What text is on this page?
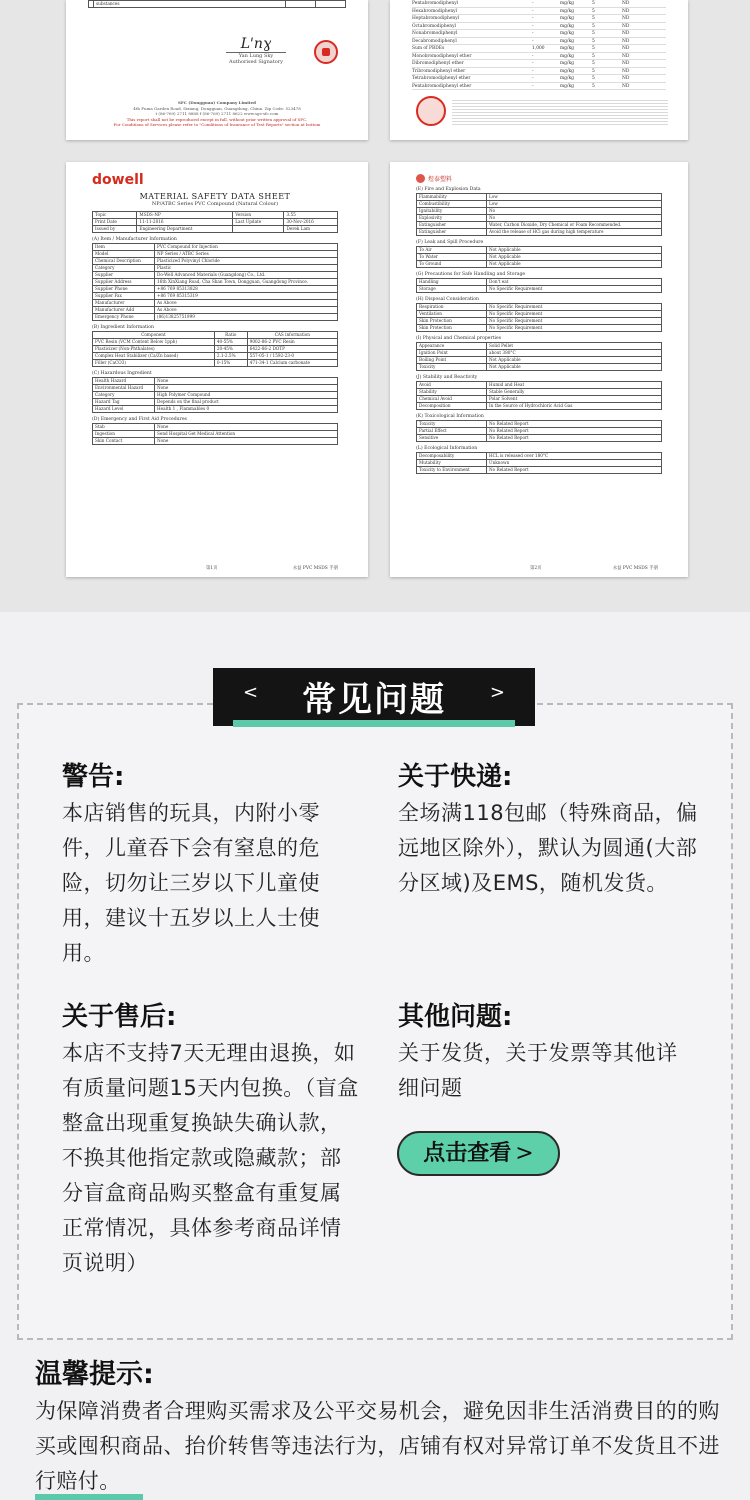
	substances		
Lꞌnɣ
Yan Lung Sky
Authorised Signatory
SFC (Dongguan) Company Limited
4th Fuma Garden Road, Sixiang, Dongguan, Guangdong, China. Zip Code: 523478
t (86-769) 2711 8888 f (86-769) 2711 8622 www.sgs-sfc.com
This report shall not be reproduced except in full, without prior written approval of SFC.
For Conditions of Services please refer to "Conditions of Insurance of Test Reports" section at bottom
Pentabromodiphenyl	-	mg/kg	5	ND
Hexabromodiphenyl	-	mg/kg	5	ND
Heptabromodiphenyl	-	mg/kg	5	ND
Octabromodiphenyl	-	mg/kg	5	ND
Nonabromodiphenyl	-	mg/kg	5	ND
Decabromodiphenyl	-	mg/kg	5	ND
Sum of PBDEs	1,000	mg/kg	5	ND
Monobromodiphenyl ether	-	mg/kg	5	ND
Dibromodiphenyl ether	-	mg/kg	5	ND
Tribromodiphenyl ether	-	mg/kg	5	ND
Tetrabromodiphenyl ether	-	mg/kg	5	ND
Pentabromodiphenyl ether	-	mg/kg	5	ND
dowell
MATERIAL SAFETY DATA SHEET
NP/ATBC Series PVC Compound (Natural Colour)
Topic	MSDS-NP	Version	3.55
Print Date	11-11-2016	Last Update	30-Nov-2016
Issued by	Engineering Department		Derek Lam
(A) Item / Manufacturer Information
Item	PVC Compound for Injection
Model	NP Series / ATBC Series
Chemical Description	Plasticized Polyvinyl Chloride
Category	Plastic
Supplier	Do-Well Advanced Materials (Guangdong) Co., Ltd.
Supplier Address	16th XinXiang Road, Cha Shan Town, Dongguan, Guangdong Province.
Supplier Phone	+86 769 85313828
Supplier Fax	+86 769 85315319
Manufacturer	As Above
Manufacturer Add	As Above
Emergency Phone	(86)13825751999
(B) Ingredient Information
Component	Ratio	CAS information
PVC Resin (VCM Content Below 1ppb)	40-55%	9002-86-2 PVC Resin
Plasticizer (Non-Phthalates)	20-45%	6422-86-2 DOTP
Complex Heat Stabilizer (Ca/Zn based)	2.1-2.5%	557-05-1 / 1592-23-0
Filler (CaCO3)	0-15%	471-34-1 Calcium carbonate
(C) Hazardous Ingredient
Health Hazard	None
Environmental Hazard	None
Category	High Polymer Compound
Hazard Tag	Depends on the final product
Hazard Level	Health 1 , Flammables 0
(D) Emergency and First Aid Procedures
Stab	None
Ingestion	Send Hospital Get Medical Attention
Skin Contact	None
第1页	永益 PVC MSDS 手册
煜泰塑料
(E) Fire and Explosion Data
Flammability	Low
Combustibility	Low
Ignitability	No
Explosivity	No
Extinguisher	Water, Carbon Dioxide, Dry Chemical or Foam Recommended.
Extinguisher	Avoid the release of HCl gas during high temperature
(F) Leak and Spill Procedure
To Air	Not Applicable
To Water	Not Applicable
To Ground	Not Applicable
(G) Precautions for Safe Handling and Storage
Handling	Don't eat
Storage	No Specific Requirement
(H) Disposal Consideration
Respiration	No Specific Requirement
Ventilation	No Specific Requirement
Skin Protection	No Specific Requirement
Skin Protection	No Specific Requirement
(I) Physical and Chemical properties
Appearance	Solid Pellet
Ignition Point	about 380°C
Boiling Point	Not Applicable
Toxicity	Not Applicable
(J) Stability and Reactivity
Avoid	Humid and Heat
Stability	Stable Generally
Chemical Avoid	Polar Solvent
Decomposition	In the Source of Hydrochloric Acid Gas
(K) Toxicological Information
Toxicity	No Related Report
Partial Effect	No Related Report
Sensitive	No Related Report
(L) Ecological Information
Decomposability	HCL is released over 180°C
Mutability	Unknown
Toxicity to Environment	No Related Report
第2页	永益 PVC MSDS 手册
<	常见问题	>
警告:

本店销售的玩具，内附小零件，儿童吞下会有窒息的危险，切勿让三岁以下儿童使用，建议十五岁以上人士使用。

关于快递:

全场满118包邮（特殊商品，偏远地区除外），默认为圆通(大部分区域)及EMS，随机发货。

关于售后:

本店不支持7天无理由退换，如有质量问题15天内包换。（盲盒整盒出现重复换缺失确认款，不换其他指定款或隐藏款；部分盲盒商品购买整盒有重复属正常情况，具体参考商品详情页说明）

其他问题:

关于发货，关于发票等其他详细问题

点击查看 >
温馨提示:

为保障消费者合理购买需求及公平交易机会，避免因非生活消费目的的购买或囤积商品、抬价转售等违法行为，店铺有权对异常订单不发货且不进行赔付。
